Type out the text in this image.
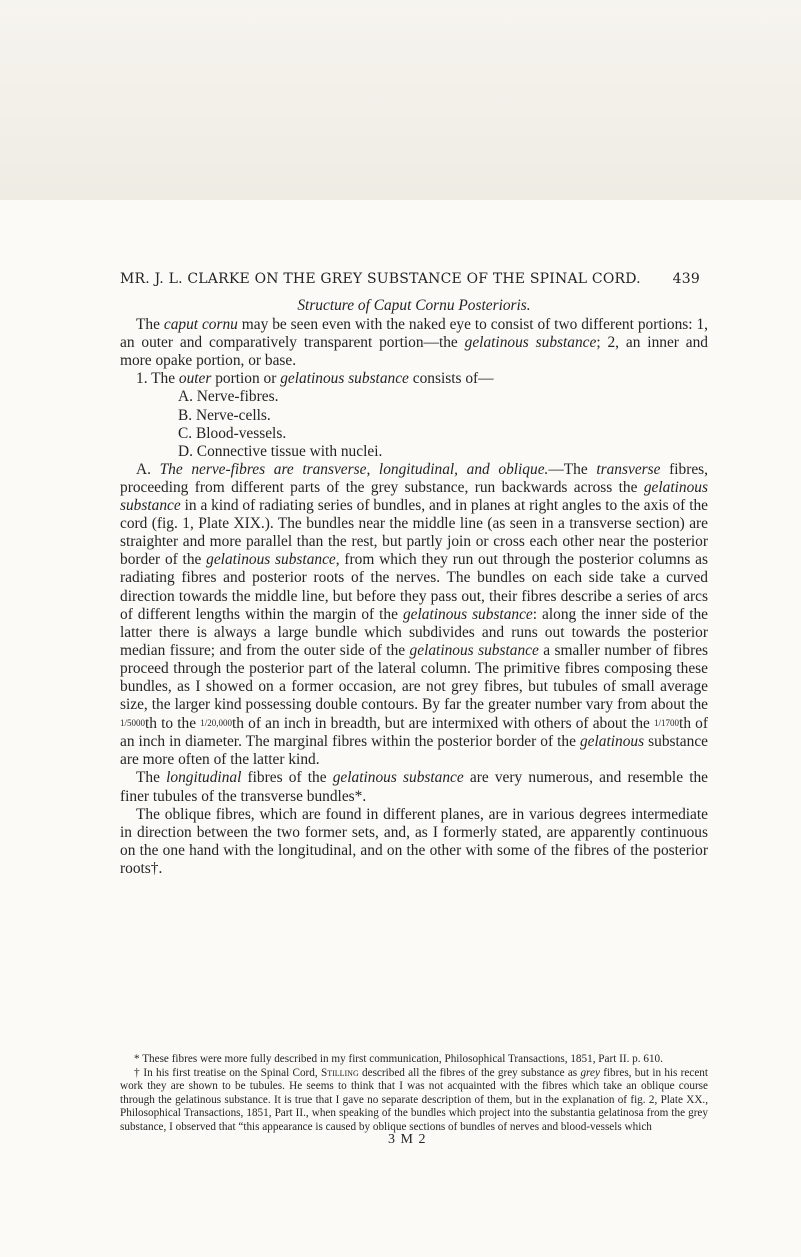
MR. J. L. CLARKE ON THE GREY SUBSTANCE OF THE SPINAL CORD. 439

Structure of Caput Cornu Posterioris.

The caput cornu may be seen even with the naked eye to consist of two different portions: 1, an outer and comparatively transparent portion—the gelatinous substance; 2, an inner and more opake portion, or base.

1. The outer portion or gelatinous substance consists of—

A. Nerve-fibres.

B. Nerve-cells.

C. Blood-vessels.

D. Connective tissue with nuclei.

A. The nerve-fibres are transverse, longitudinal, and oblique.—The transverse fibres, proceeding from different parts of the grey substance, run backwards across the gelatinous substance in a kind of radiating series of bundles, and in planes at right angles to the axis of the cord (fig. 1, Plate XIX.). The bundles near the middle line (as seen in a transverse section) are straighter and more parallel than the rest, but partly join or cross each other near the posterior border of the gelatinous substance, from which they run out through the posterior columns as radiating fibres and posterior roots of the nerves. The bundles on each side take a curved direction towards the middle line, but before they pass out, their fibres describe a series of arcs of different lengths within the margin of the gelatinous substance: along the inner side of the latter there is always a large bundle which subdivides and runs out towards the posterior median fissure; and from the outer side of the gelatinous substance a smaller number of fibres proceed through the posterior part of the lateral column. The primitive fibres composing these bundles, as I showed on a former occasion, are not grey fibres, but tubules of small average size, the larger kind possessing double contours. By far the greater number vary from about the 1/5000th to the 1/20,000th of an inch in breadth, but are intermixed with others of about the 1/1700th of an inch in diameter. The marginal fibres within the posterior border of the gelatinous substance are more often of the latter kind.

The longitudinal fibres of the gelatinous substance are very numerous, and resemble the finer tubules of the transverse bundles*.

The oblique fibres, which are found in different planes, are in various degrees intermediate in direction between the two former sets, and, as I formerly stated, are apparently continuous on the one hand with the longitudinal, and on the other with some of the fibres of the posterior roots†.

* These fibres were more fully described in my first communication, Philosophical Transactions, 1851, Part II. p. 610.

† In his first treatise on the Spinal Cord, Stilling described all the fibres of the grey substance as grey fibres, but in his recent work they are shown to be tubules. He seems to think that I was not acquainted with the fibres which take an oblique course through the gelatinous substance. It is true that I gave no separate description of them, but in the explanation of fig. 2, Plate XX., Philosophical Transactions, 1851, Part II., when speaking of the bundles which project into the substantia gelatinosa from the grey substance, I observed that “this appearance is caused by oblique sections of bundles of nerves and blood-vessels which

3 M 2
